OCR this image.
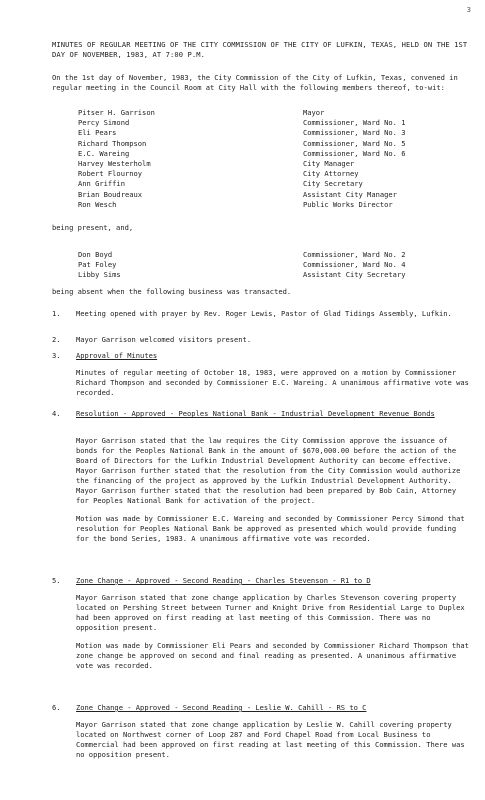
3
MINUTES OF REGULAR MEETING OF THE CITY COMMISSION OF THE CITY OF LUFKIN, TEXAS, HELD ON THE 1ST DAY OF NOVEMBER, 1983, AT 7:00 P.M.
On the 1st day of November, 1983, the City Commission of the City of Lufkin, Texas, convened in regular meeting in the Council Room at City Hall with the following members thereof, to-wit:
Pitser H. Garrison	Mayor
Percy Simond	Commissioner, Ward No. 1
Eli Pears	Commissioner, Ward No. 3
Richard Thompson	Commissioner, Ward No. 5
E.C. Wareing	Commissioner, Ward No. 6
Harvey Westerholm	City Manager
Robert Flournoy	City Attorney
Ann Griffin	City Secretary
Brian Boudreaux	Assistant City Manager
Ron Wesch	Public Works Director
being present, and,
Don Boyd	Commissioner, Ward No. 2
Pat Foley	Commissioner, Ward No. 4
Libby Sims	Assistant City Secretary
being absent when the following business was transacted.
1. Meeting opened with prayer by Rev. Roger Lewis, Pastor of Glad Tidings Assembly, Lufkin.
2. Mayor Garrison welcomed visitors present.
3. Approval of Minutes

Minutes of regular meeting of October 18, 1983, were approved on a motion by Commissioner Richard Thompson and seconded by Commissioner E.C. Wareing. A unanimous affirmative vote was recorded.

4. Resolution - Approved - Peoples National Bank - Industrial Development Revenue Bonds

Mayor Garrison stated that the law requires the City Commission approve the issuance of bonds for the Peoples National Bank in the amount of $670,000.00 before the action of the Board of Directors for the Lufkin Industrial Development Authority can become effective. Mayor Garrison further stated that the resolution from the City Commission would authorize the financing of the project as approved by the Lufkin Industrial Development Authority. Mayor Garrison further stated that the resolution had been prepared by Bob Cain, Attorney for Peoples National Bank for activation of the project.

Motion was made by Commissioner E.C. Wareing and seconded by Commissioner Percy Simond that resolution for Peoples National Bank be approved as presented which would provide funding for the bond Series, 1983. A unanimous affirmative vote was recorded.

5. Zone Change - Approved - Second Reading - Charles Stevenson - R1 to D

Mayor Garrison stated that zone change application by Charles Stevenson covering property located on Pershing Street between Turner and Knight Drive from Residential Large to Duplex had been approved on first reading at last meeting of this Commission. There was no opposition present.

Motion was made by Commissioner Eli Pears and seconded by Commissioner Richard Thompson that zone change be approved on second and final reading as presented. A unanimous affirmative vote was recorded.

6. Zone Change - Approved - Second Reading - Leslie W. Cahill - RS to C

Mayor Garrison stated that zone change application by Leslie W. Cahill covering property located on Northwest corner of Loop 287 and Ford Chapel Road from Local Business to Commercial had been approved on first reading at last meeting of this Commission. There was no opposition present.
